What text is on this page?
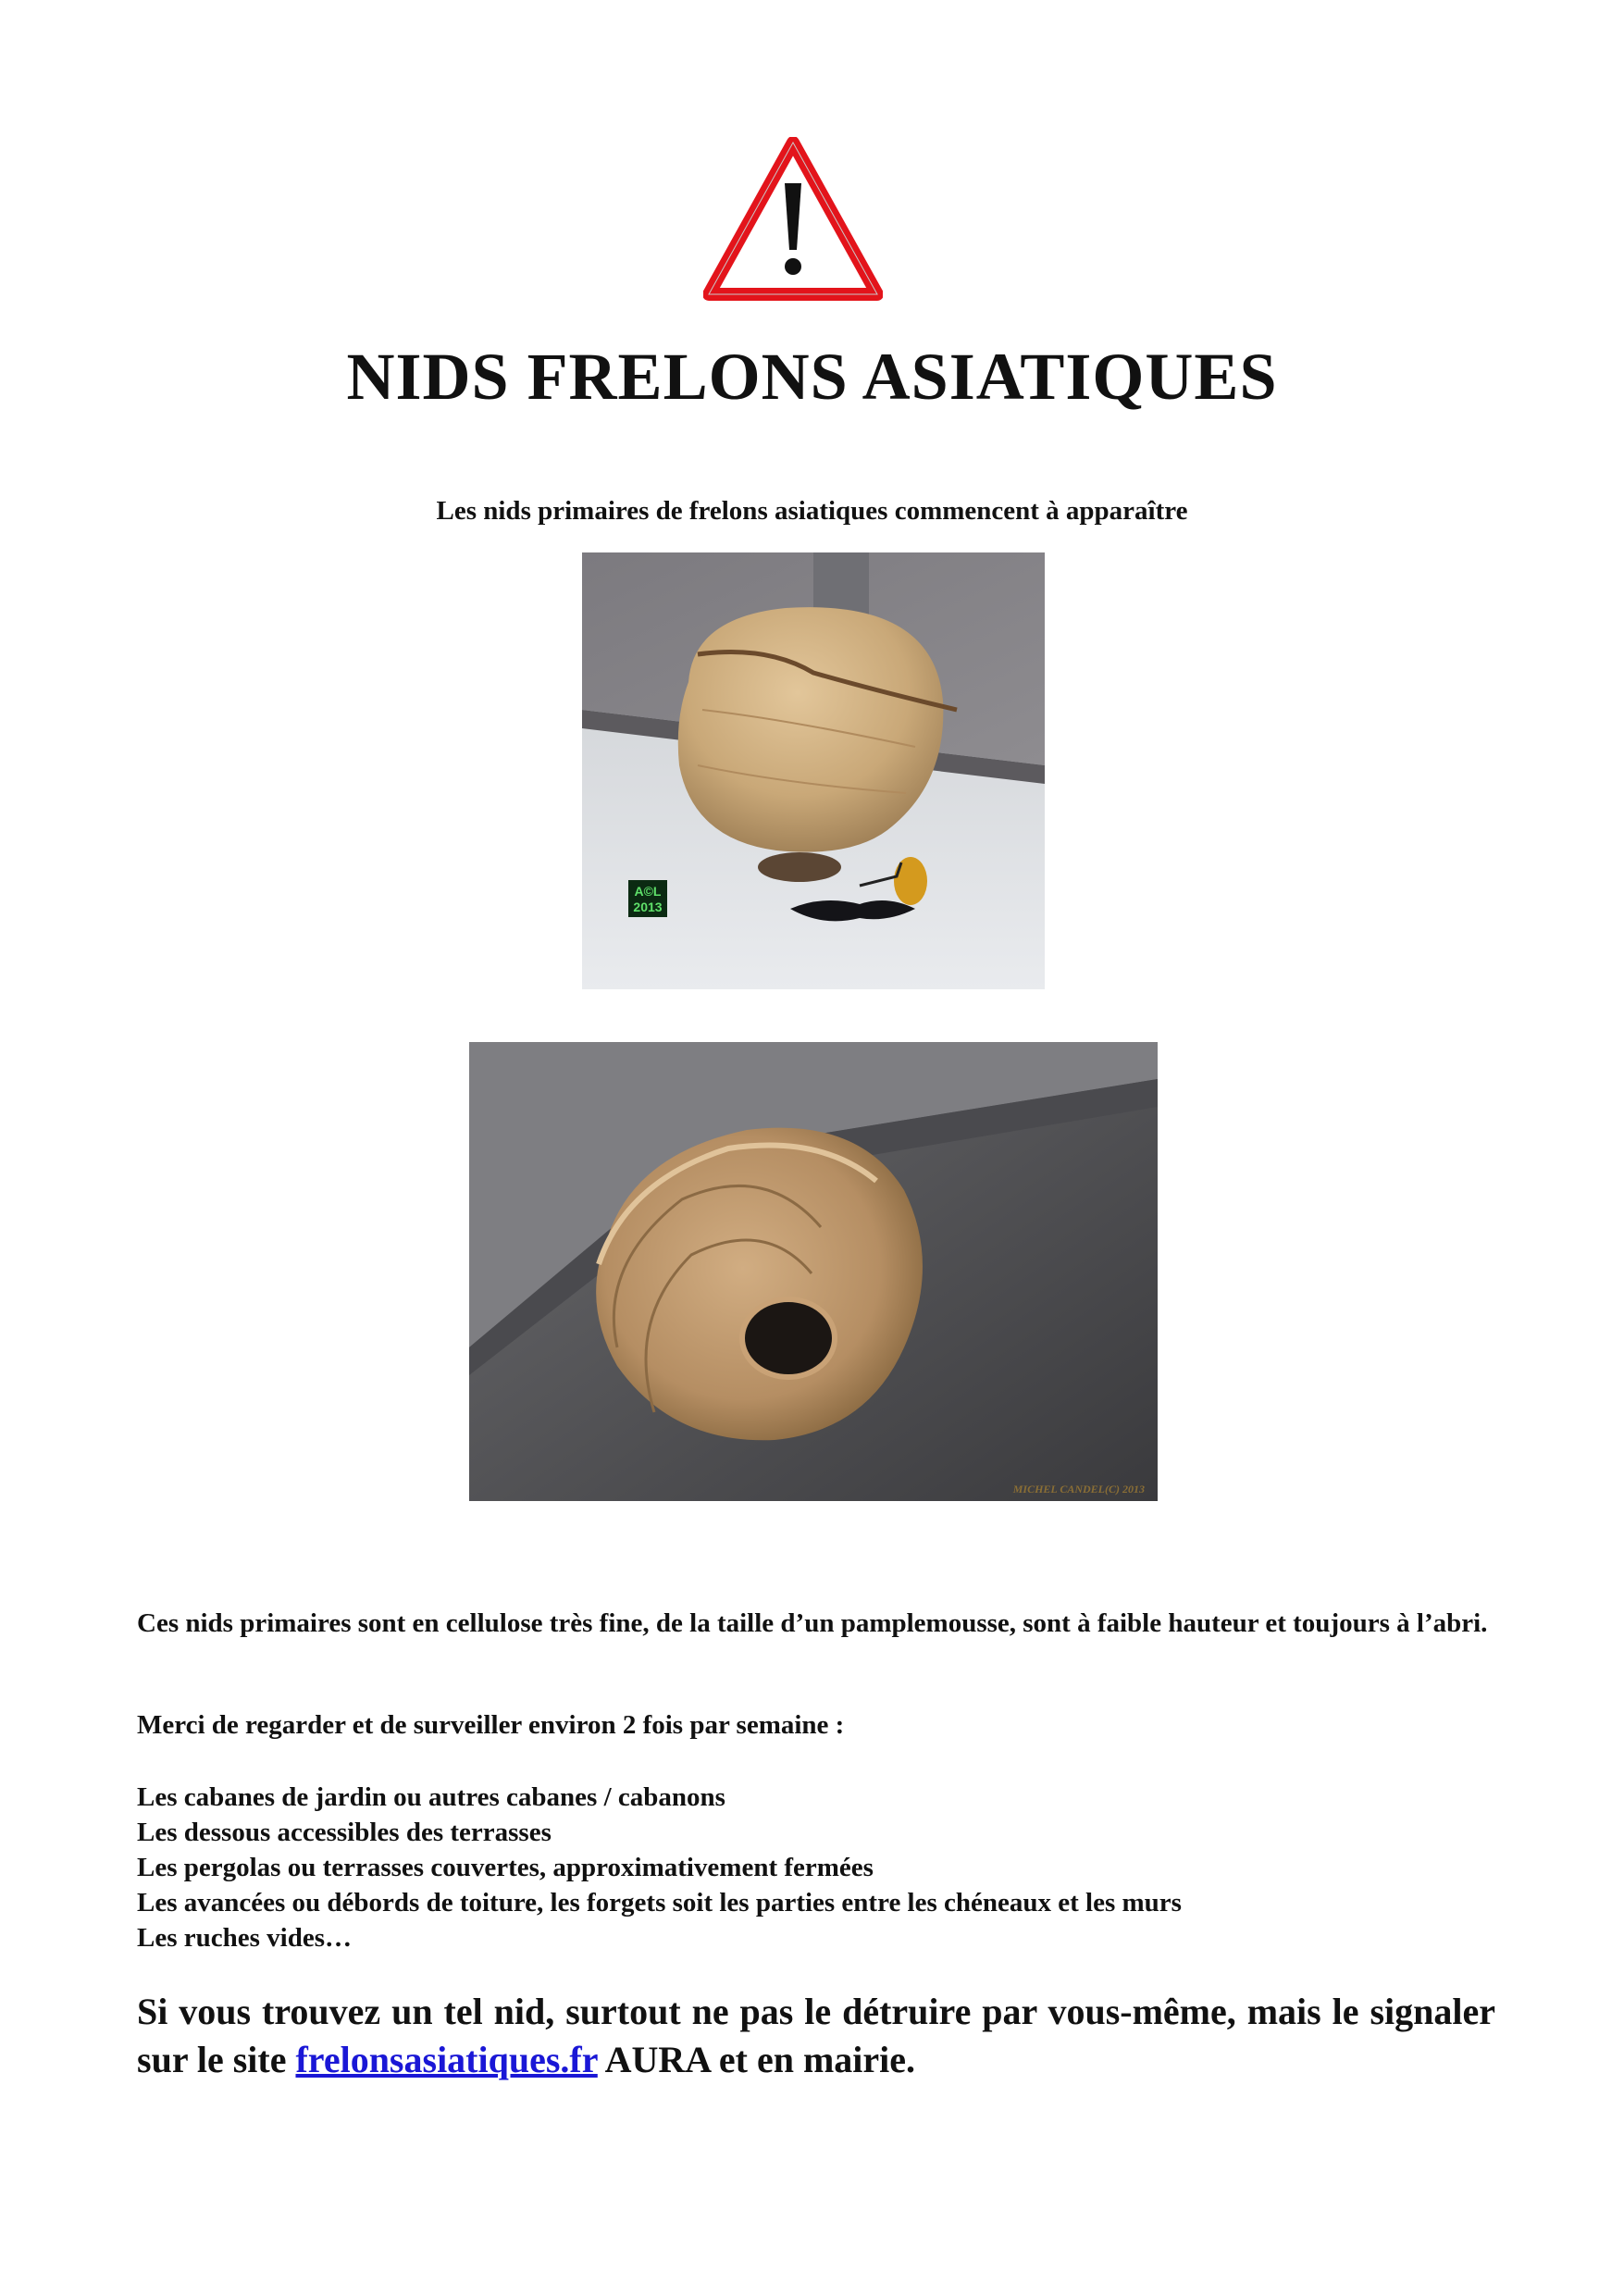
NIDS FRELONS ASIATIQUES

Les nids primaires de frelons asiatiques commencent à apparaître

A©L
2013
MICHEL CANDEL(C) 2013
Ces nids primaires sont en cellulose très fine, de la taille d’un pamplemousse, sont à faible hauteur et toujours à l’abri.
Merci de regarder et de surveiller environ 2 fois par semaine :
Les cabanes de jardin ou autres cabanes / cabanons
Les dessous accessibles des terrasses
Les pergolas ou terrasses couvertes, approximativement fermées
Les avancées ou débords de toiture, les forgets soit les parties entre les chéneaux et les murs
Les ruches vides…
Si vous trouvez un tel nid, surtout ne pas le détruire par vous-même, mais le signaler sur le site frelonsasiatiques.fr AURA et en mairie.
